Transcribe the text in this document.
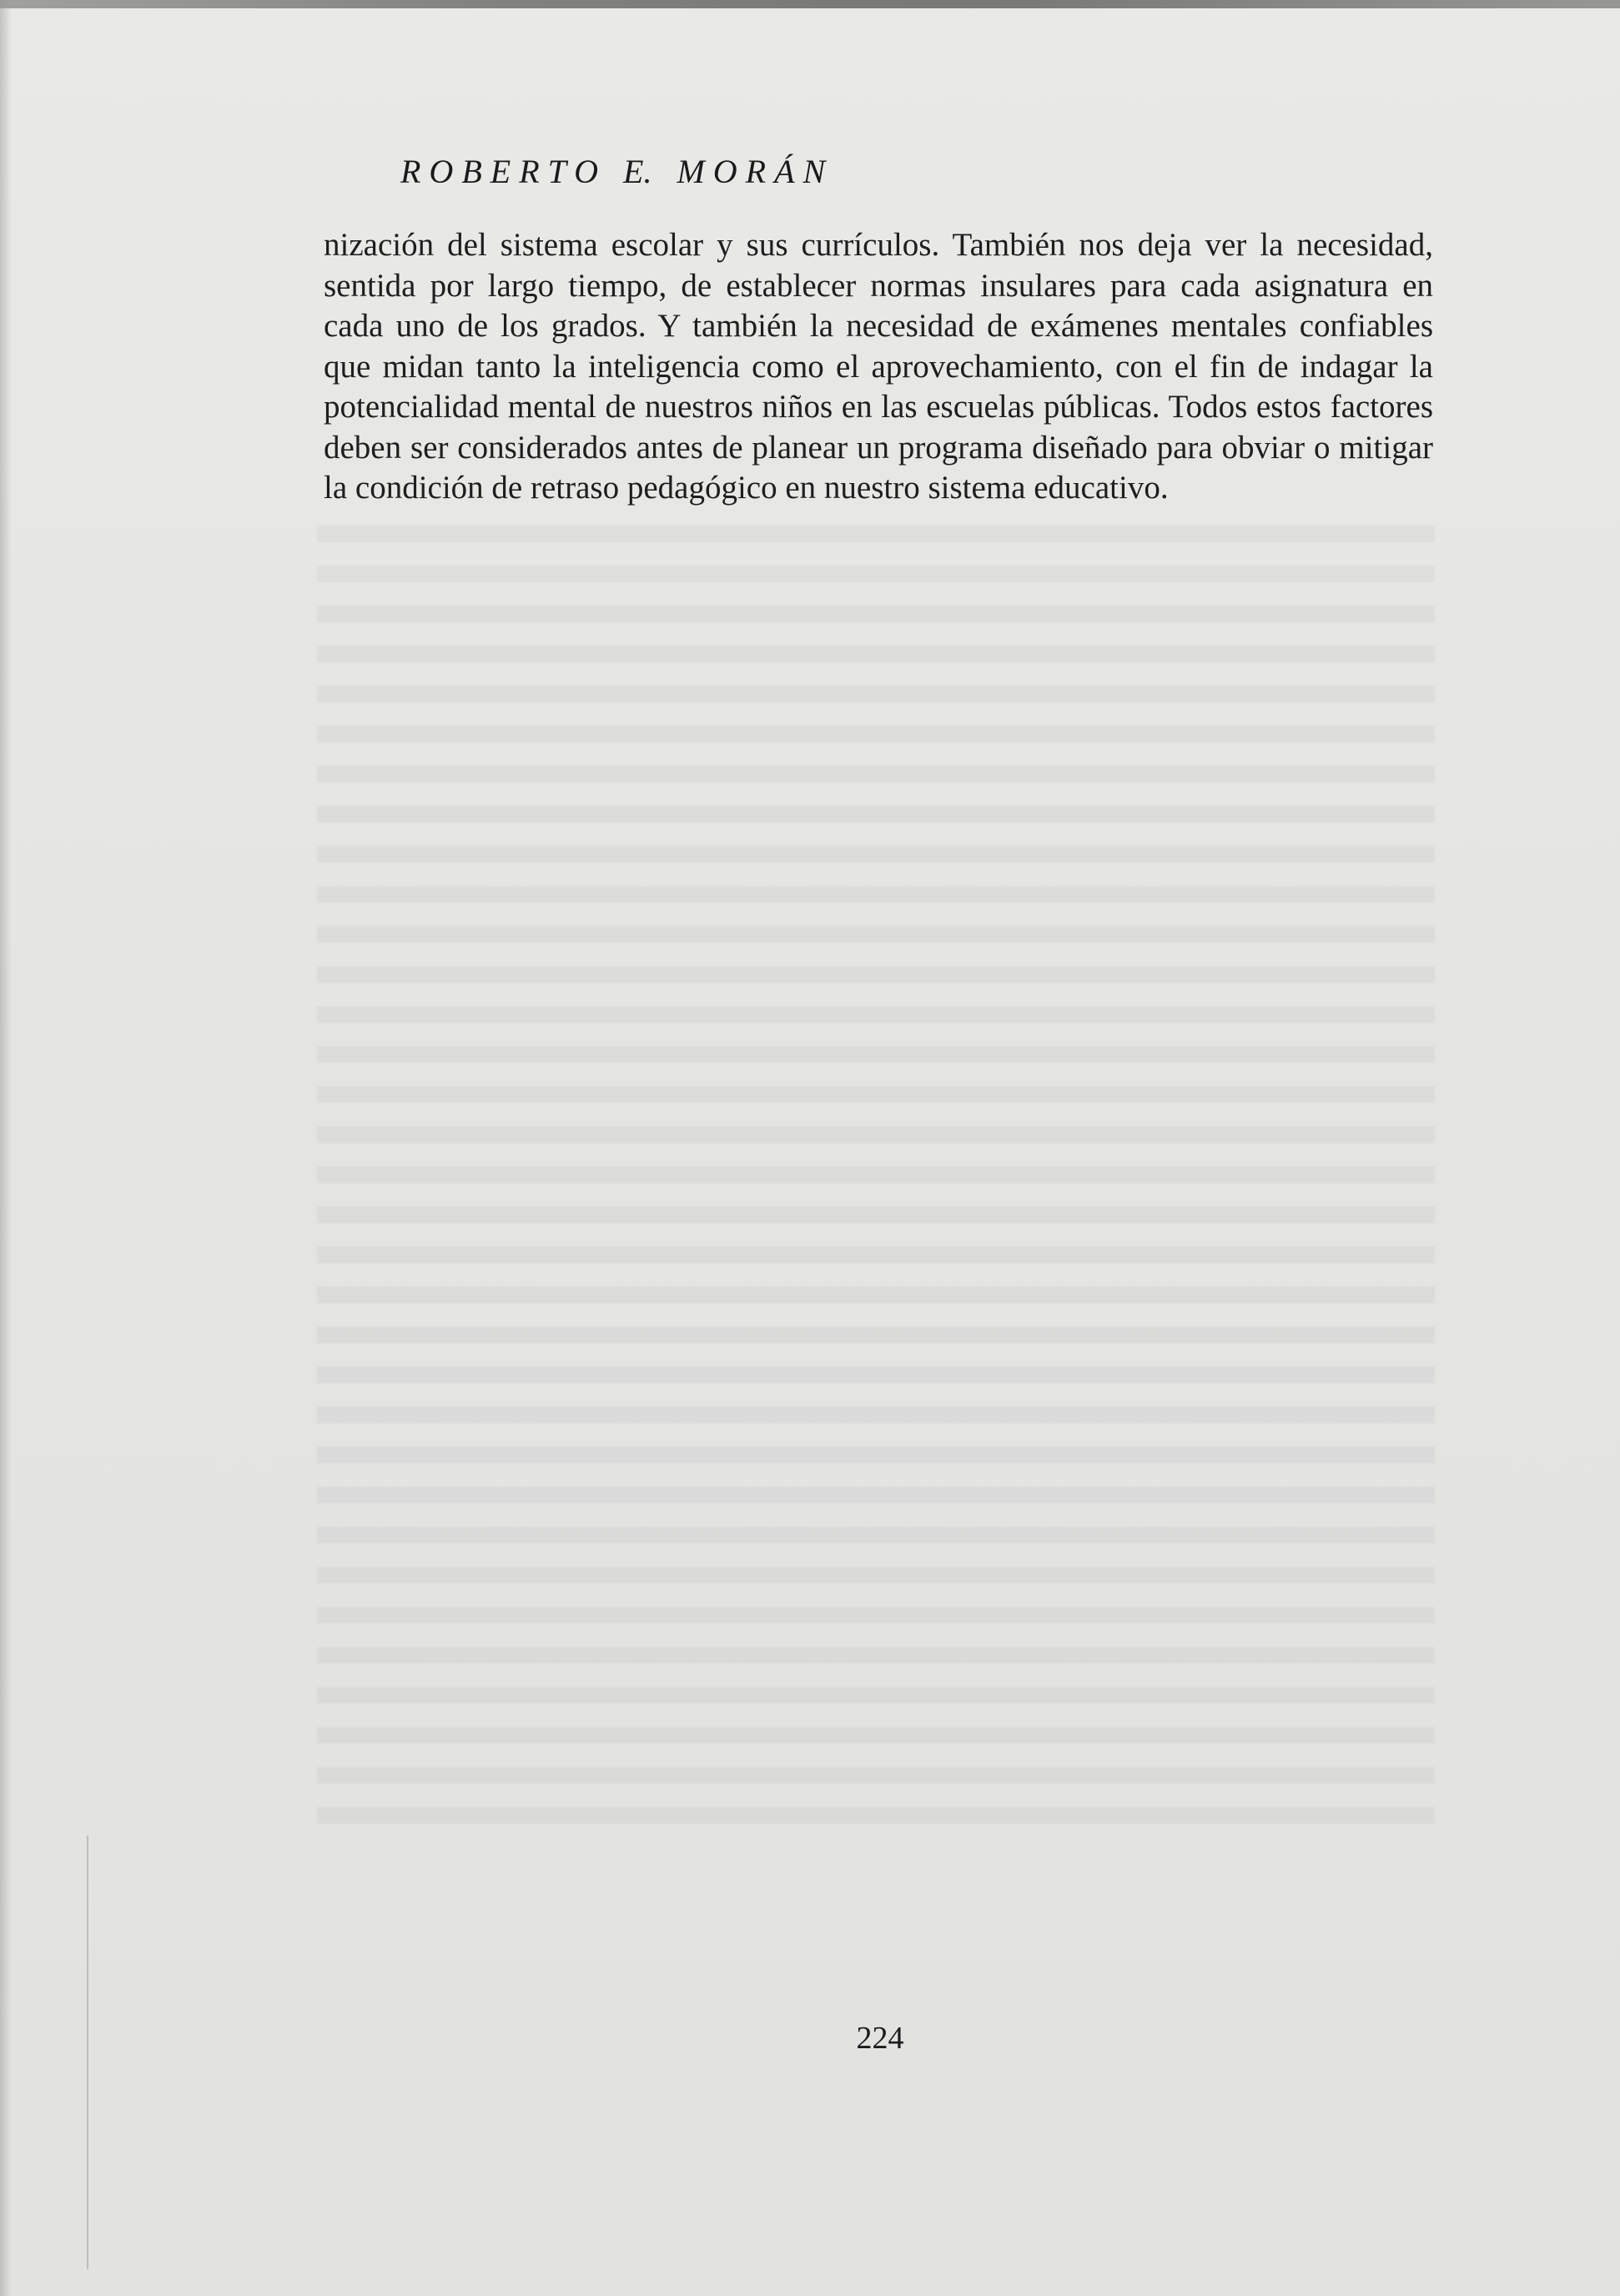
R O B E R T O   E.   M O R Á N

nización del sistema escolar y sus currículos. También nos deja ver la necesidad, sentida por largo tiempo, de establecer normas insulares para cada asignatura en cada uno de los grados. Y también la necesidad de exámenes mentales confiables que midan tanto la inteligencia como el aprovechamiento, con el fin de indagar la potencialidad mental de nuestros niños en las escuelas públicas. Todos estos factores deben ser considerados antes de planear un programa diseñado para obviar o mitigar la condición de retraso pedagógico en nuestro sistema educativo.

224
